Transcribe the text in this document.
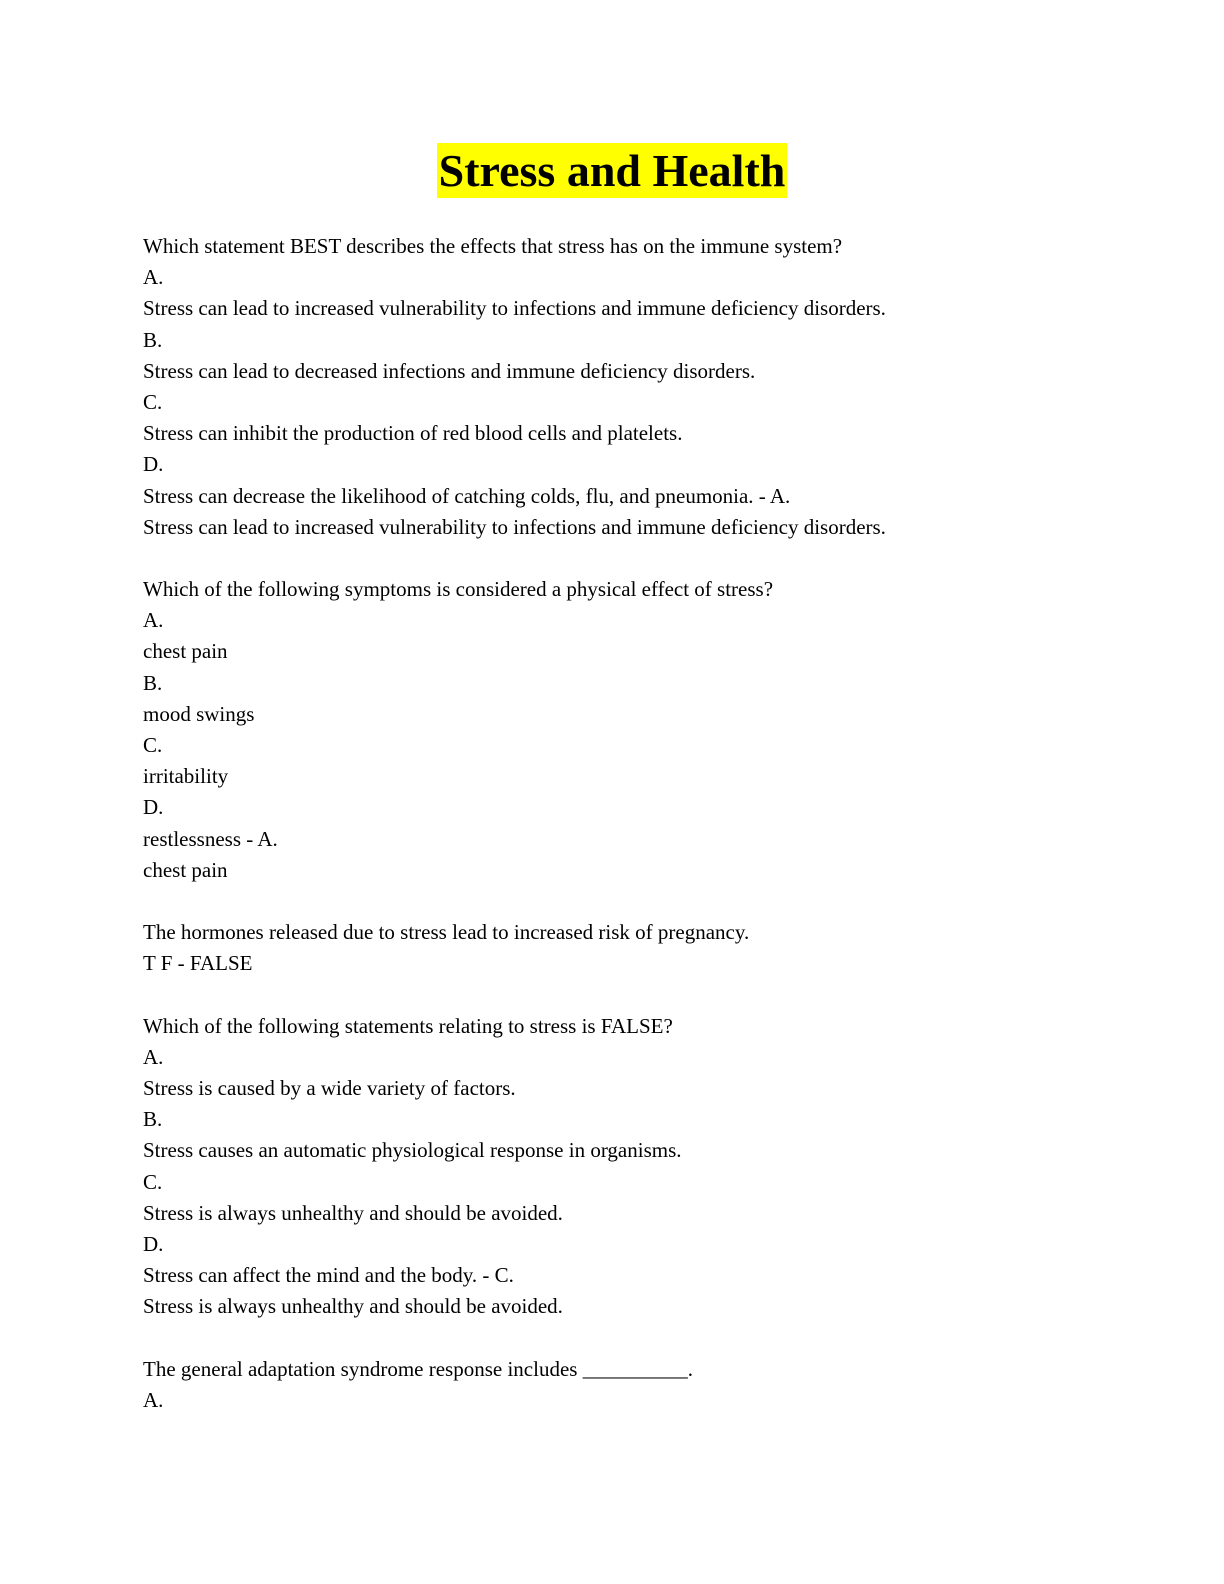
Stress and Health
Which statement BEST describes the effects that stress has on the immune system?
A.
Stress can lead to increased vulnerability to infections and immune deficiency disorders.
B.
Stress can lead to decreased infections and immune deficiency disorders.
C.
Stress can inhibit the production of red blood cells and platelets.
D.
Stress can decrease the likelihood of catching colds, flu, and pneumonia. - A.
Stress can lead to increased vulnerability to infections and immune deficiency disorders.
Which of the following symptoms is considered a physical effect of stress?
A.
chest pain
B.
mood swings
C.
irritability
D.
restlessness - A.
chest pain
The hormones released due to stress lead to increased risk of pregnancy.
T F - FALSE
Which of the following statements relating to stress is FALSE?
A.
Stress is caused by a wide variety of factors.
B.
Stress causes an automatic physiological response in organisms.
C.
Stress is always unhealthy and should be avoided.
D.
Stress can affect the mind and the body. - C.
Stress is always unhealthy and should be avoided.
The general adaptation syndrome response includes __________.
A.
